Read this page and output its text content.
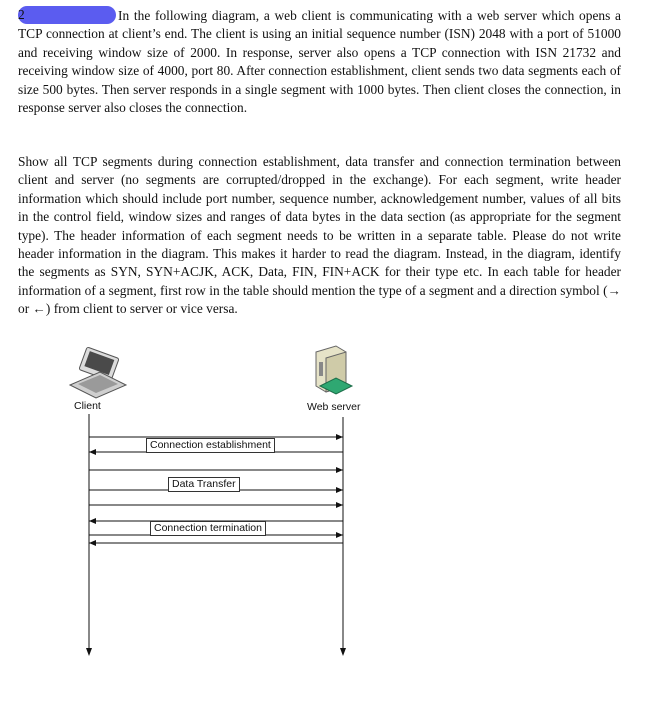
2	In the following diagram, a web client is communicating with a web server which opens a TCP connection at client’s end. The client is using an initial sequence number (ISN) 2048 with a port of 51000 and receiving window size of 2000. In response, server also opens a TCP connection with ISN 21732 and receiving window size of 4000, port 80. After connection establishment, client sends two data segments each of size 500 bytes. Then server responds in a single segment with 1000 bytes. Then client closes the connection, in response server also closes the connection.

Show all TCP segments during connection establishment, data transfer and connection termination between client and server (no segments are corrupted/dropped in the exchange). For each segment, write header information which should include port number, sequence number, acknowledgement number, values of all bits in the control field, window sizes and ranges of data bytes in the data section (as appropriate for the segment type). The header information of each segment needs to be written in a separate table. Please do not write header information in the diagram. This makes it harder to read the diagram. Instead, in the diagram, identify the segments as SYN, SYN+ACJK, ACK, Data, FIN, FIN+ACK for their type etc. In each table for header information of a segment, first row in the table should mention the type of a segment and a direction symbol (→ or ←) from client to server or vice versa.

Client	Web server
Connection establishment
Data Transfer
Connection termination
